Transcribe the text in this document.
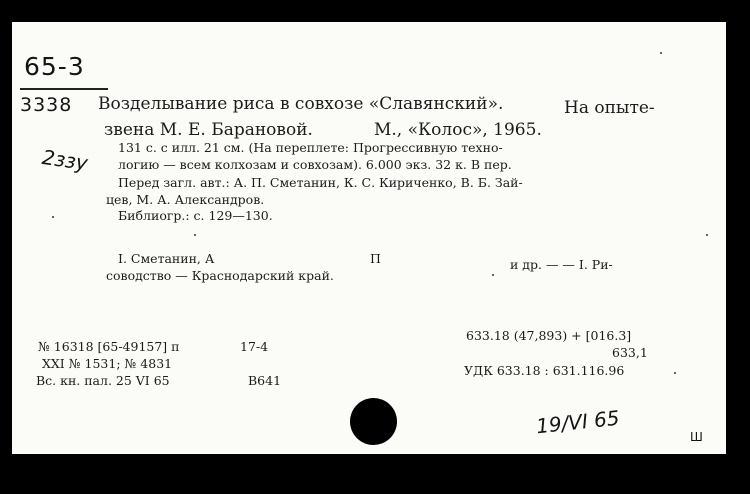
65-3
3338
2ззу
Возделывание риса в совхозе «Славянский».	На опыте-
звена М. Е. Барановой.	М., «Колос», 1965.
131 с. с илл. 21 см. (На переплете: Прогрессивную техно-
логию — всем колхозам и совхозам). 6.000 экз. 32 к. В пер.
Перед загл. авт.: А. П. Сметанин, К. С. Кириченко, В. Б. Зай-
цев, М. А. Александров.
Библиогр.: с. 129—130.
I. Сметанин, А	П	и др. — — I. Ри-
соводство — Краснодарский край.
633.18 (47,893) + [016.3]
633,1
УДК 633.18 : 631.116.96
№ 16318 [65-49157] п	17-4
XXI № 1531; № 4831
Вс. кн. пал. 25 VI 65	В641
19/VI 65	Ш
